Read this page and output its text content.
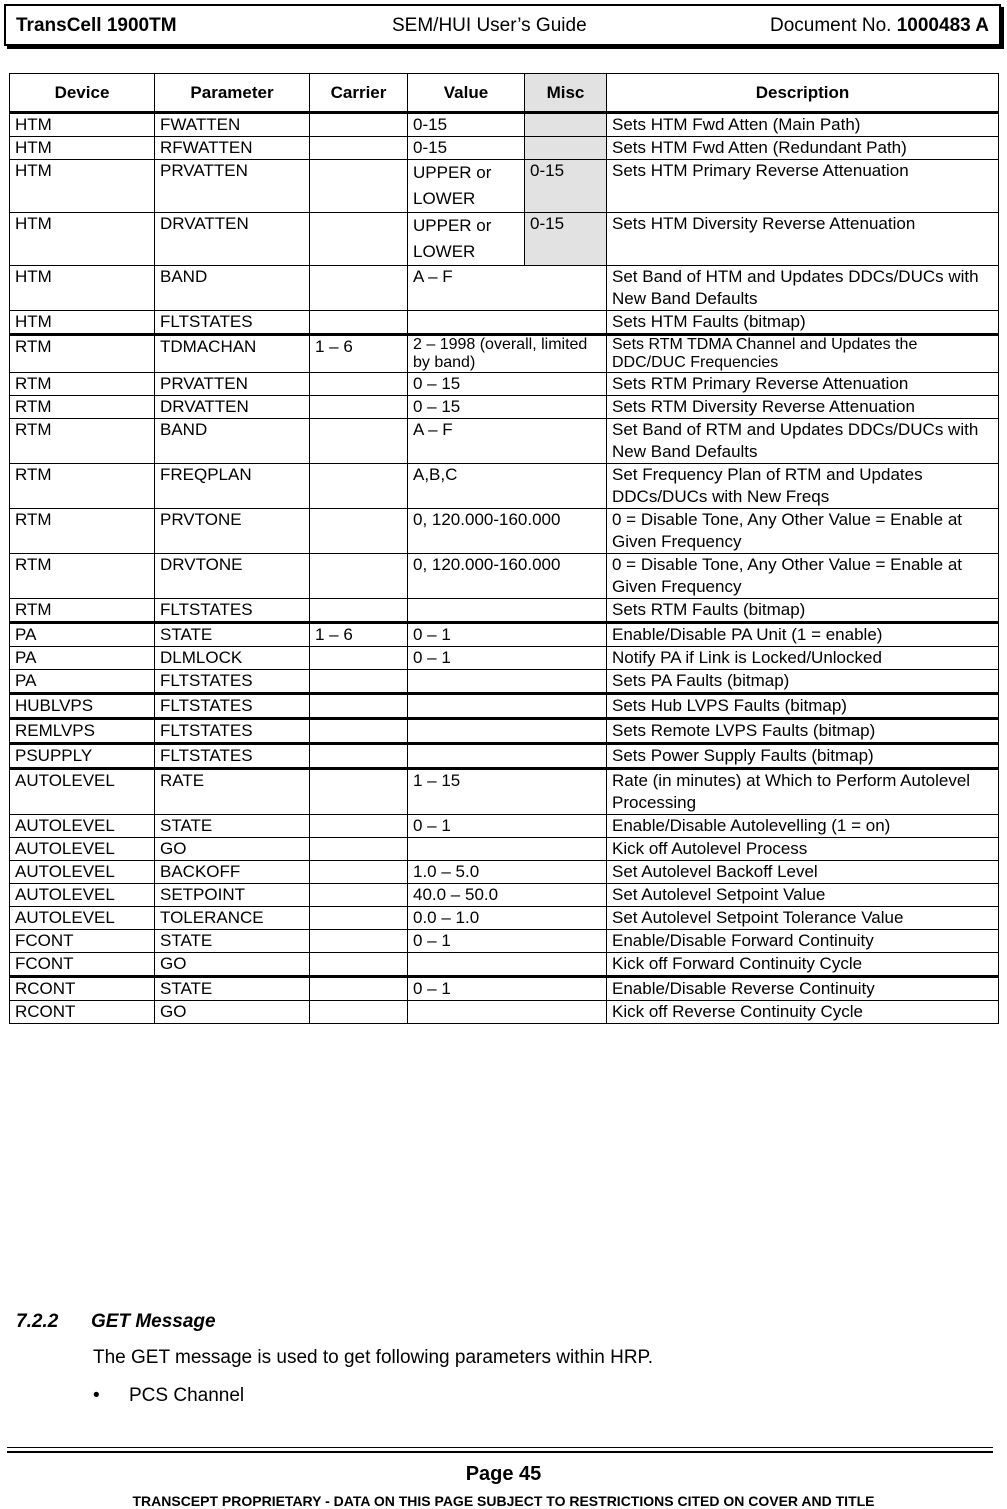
TransCell 1900TM	SEM/HUI User’s Guide	Document No. 1000483 A
Device	Parameter	Carrier	Value	Misc	Description
HTM	FWATTEN		0-15		Sets HTM Fwd Atten (Main Path)
HTM	RFWATTEN		0-15		Sets HTM Fwd Atten (Redundant Path)
HTM	PRVATTEN		UPPER or LOWER	0-15	Sets HTM Primary Reverse Attenuation
HTM	DRVATTEN		UPPER or LOWER	0-15	Sets HTM Diversity Reverse Attenuation
HTM	BAND		A – F		Set Band of HTM and Updates DDCs/DUCs with New Band Defaults
HTM	FLTSTATES				Sets HTM Faults (bitmap)
RTM	TDMACHAN	1 – 6	2 – 1998 (overall, limited by band)		Sets RTM TDMA Channel and Updates the DDC/DUC Frequencies
RTM	PRVATTEN		0 – 15		Sets RTM Primary Reverse Attenuation
RTM	DRVATTEN		0 – 15		Sets RTM Diversity Reverse Attenuation
RTM	BAND		A – F		Set Band of RTM and Updates DDCs/DUCs with New Band Defaults
RTM	FREQPLAN		A,B,C		Set Frequency Plan of RTM and Updates DDCs/DUCs with New Freqs
RTM	PRVTONE		0, 120.000-160.000		0 = Disable Tone, Any Other Value = Enable at Given Frequency
RTM	DRVTONE		0, 120.000-160.000		0 = Disable Tone, Any Other Value = Enable at Given Frequency
RTM	FLTSTATES				Sets RTM Faults (bitmap)
PA	STATE	1 – 6	0 – 1		Enable/Disable PA Unit (1 = enable)
PA	DLMLOCK		0 – 1		Notify PA if Link is Locked/Unlocked
PA	FLTSTATES				Sets PA Faults (bitmap)
HUBLVPS	FLTSTATES				Sets Hub LVPS Faults (bitmap)
REMLVPS	FLTSTATES				Sets Remote LVPS Faults (bitmap)
PSUPPLY	FLTSTATES				Sets Power Supply Faults (bitmap)
AUTOLEVEL	RATE		1 – 15		Rate (in minutes) at Which to Perform Autolevel Processing
AUTOLEVEL	STATE		0 – 1		Enable/Disable Autolevelling (1 = on)
AUTOLEVEL	GO				Kick off Autolevel Process
AUTOLEVEL	BACKOFF		1.0 – 5.0		Set Autolevel Backoff Level
AUTOLEVEL	SETPOINT		40.0 – 50.0		Set Autolevel Setpoint Value
AUTOLEVEL	TOLERANCE		0.0 – 1.0		Set Autolevel Setpoint Tolerance Value
FCONT	STATE		0 – 1		Enable/Disable Forward Continuity
FCONT	GO				Kick off Forward Continuity Cycle
RCONT	STATE		0 – 1		Enable/Disable Reverse Continuity
RCONT	GO				Kick off Reverse Continuity Cycle
7.2.2 GET Message
The GET message is used to get following parameters within HRP.
• PCS Channel
Page 45
TRANSCEPT PROPRIETARY - DATA ON THIS PAGE SUBJECT TO RESTRICTIONS CITED ON COVER AND TITLE
